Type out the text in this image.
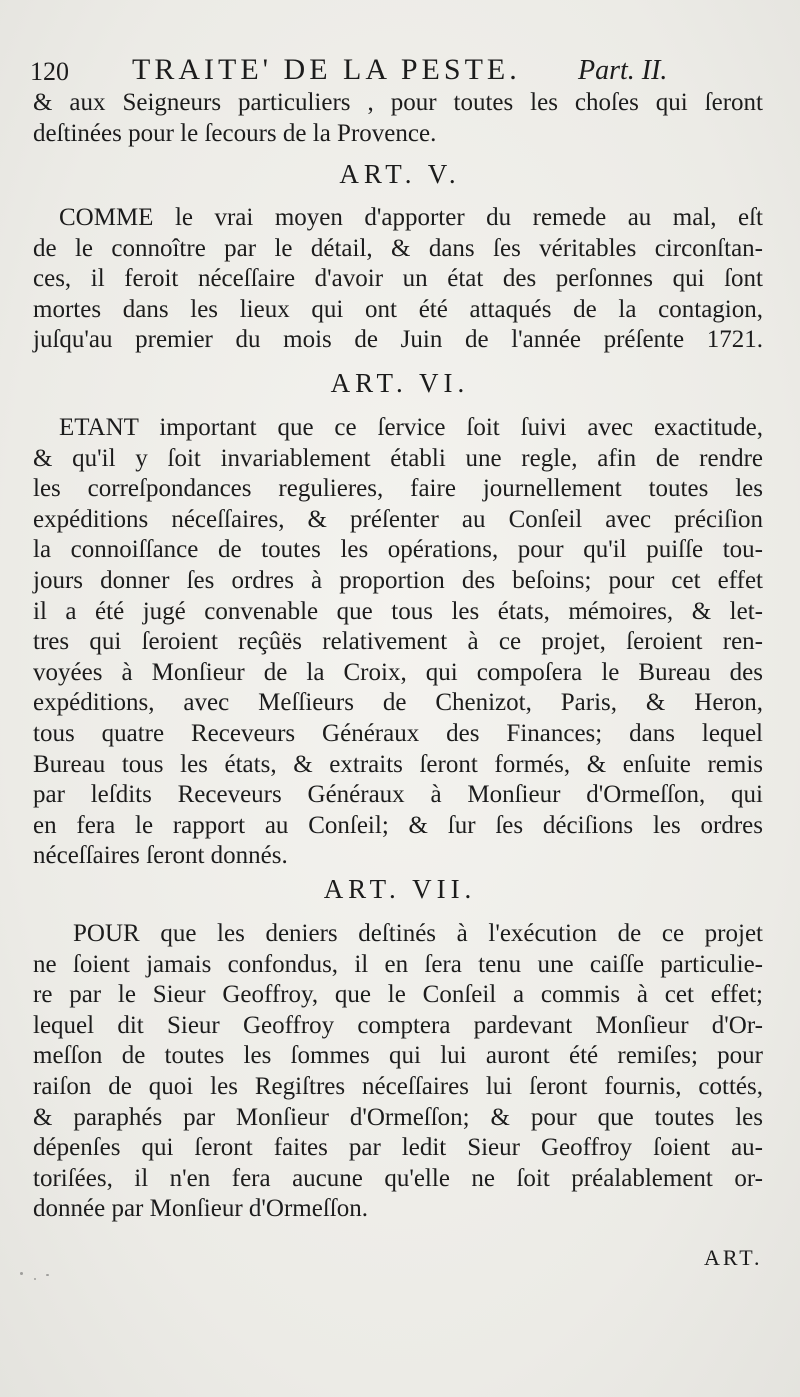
120 TRAITE' DE LA PESTE. Part. II.
& aux Seigneurs particuliers , pour toutes les choſes qui ſeront
deſtinées pour le ſecours de la Provence.
ART. V.
COMME le vrai moyen d'apporter du remede au mal, eſt
de le connoître par le détail, & dans ſes véritables circonſtan-
ces, il feroit néceſſaire d'avoir un état des perſonnes qui ſont
mortes dans les lieux qui ont été attaqués de la contagion,
juſqu'au premier du mois de Juin de l'année préſente 1721.
ART. VI.
ETANT important que ce ſervice ſoit ſuivi avec exactitude,
& qu'il y ſoit invariablement établi une regle, afin de rendre
les correſpondances regulieres, faire journellement toutes les
expéditions néceſſaires, & préſenter au Conſeil avec préciſion
la connoiſſance de toutes les opérations, pour qu'il puiſſe tou-
jours donner ſes ordres à proportion des beſoins; pour cet effet
il a été jugé convenable que tous les états, mémoires, & let-
tres qui ſeroient reçûës relativement à ce projet, ſeroient ren-
voyées à Monſieur de la Croix, qui compoſera le Bureau des
expéditions, avec Meſſieurs de Chenizot, Paris, & Heron,
tous quatre Receveurs Généraux des Finances; dans lequel
Bureau tous les états, & extraits ſeront formés, & enſuite remis
par leſdits Receveurs Généraux à Monſieur d'Ormeſſon, qui
en fera le rapport au Conſeil; & ſur ſes déciſions les ordres
néceſſaires ſeront donnés.
ART. VII.
POUR que les deniers deſtinés à l'exécution de ce projet
ne ſoient jamais confondus, il en ſera tenu une caiſſe particulie-
re par le Sieur Geoffroy, que le Conſeil a commis à cet effet;
lequel dit Sieur Geoffroy comptera pardevant Monſieur d'Or-
meſſon de toutes les ſommes qui lui auront été remiſes; pour
raiſon de quoi les Regiſtres néceſſaires lui ſeront fournis, cottés,
& paraphés par Monſieur d'Ormeſſon; & pour que toutes les
dépenſes qui ſeront faites par ledit Sieur Geoffroy ſoient au-
toriſées, il n'en fera aucune qu'elle ne ſoit préalablement or-
donnée par Monſieur d'Ormeſſon.
ART.
